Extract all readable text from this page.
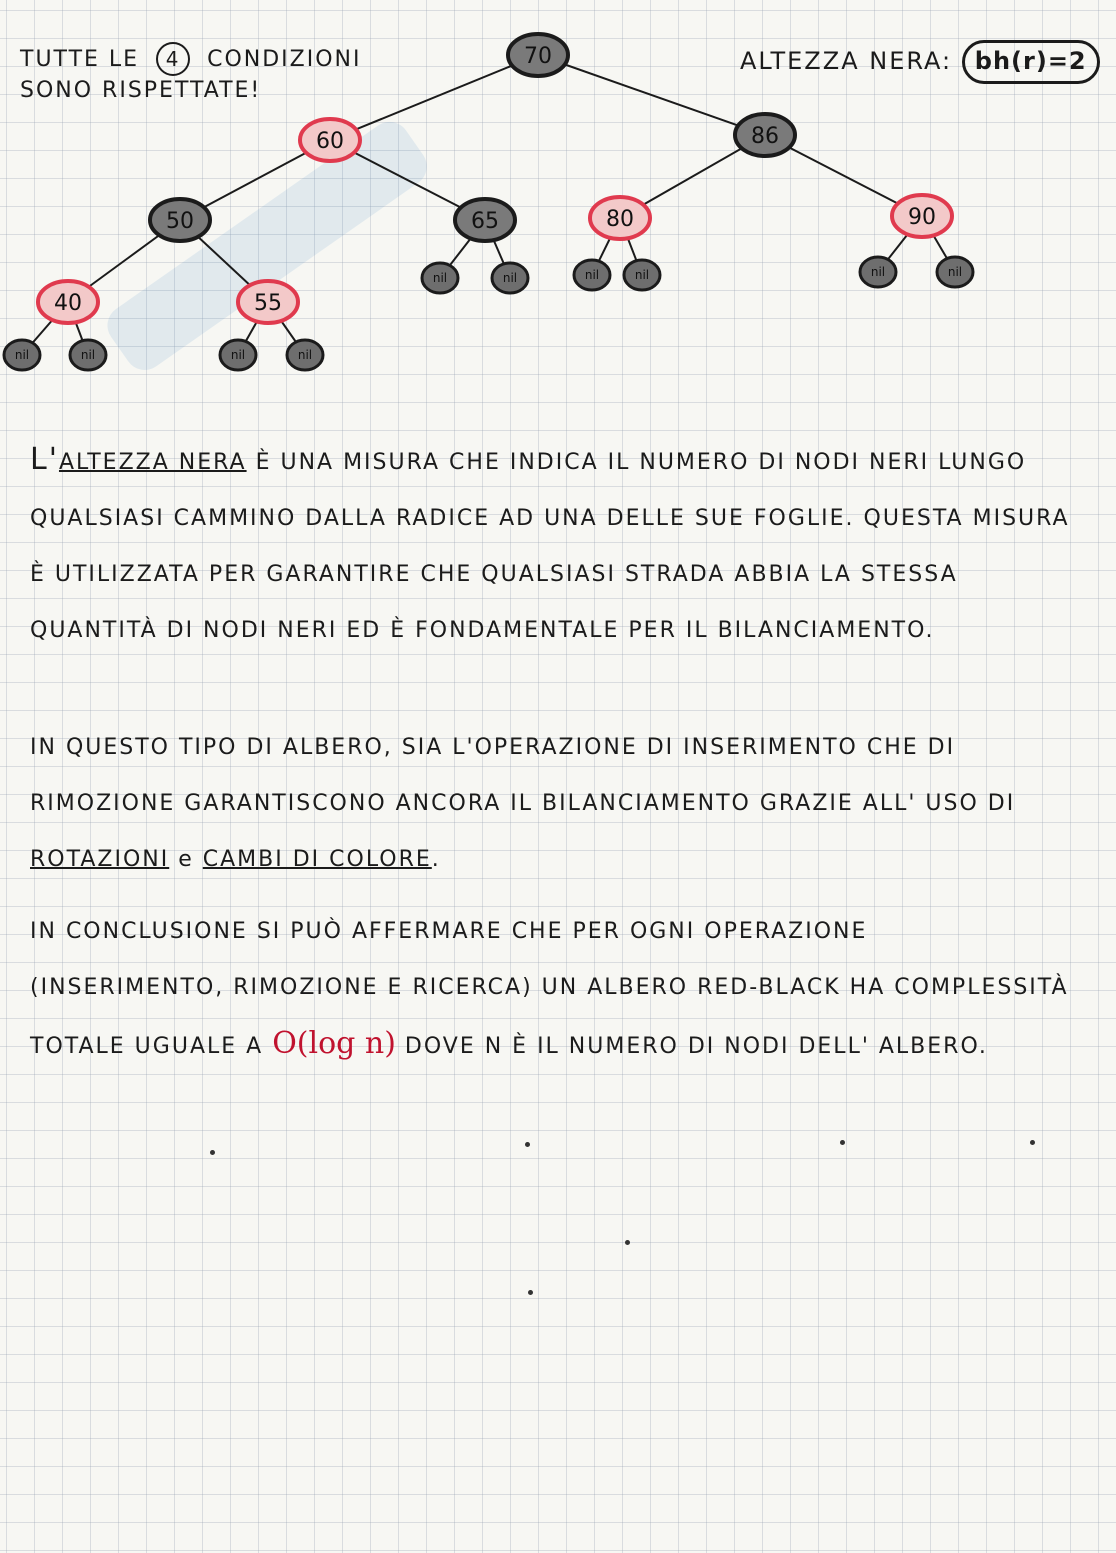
TUTTE LE 4 CONDIZIONI
SONO RISPETTATE!
ALTEZZA NERA: bh(r)=2
70
60	86
50	65	80	90
40	55
nil	nil	nil	nil	nil	nil
nil	nil	nil	nil
L'ALTEZZA NERA È UNA MISURA CHE INDICA IL NUMERO DI NODI NERI LUNGO QUALSIASI CAMMINO DALLA RADICE AD UNA DELLE SUE FOGLIE. QUESTA MISURA È UTILIZZATA PER GARANTIRE CHE QUALSIASI STRADA ABBIA LA STESSA QUANTITÀ DI NODI NERI ED È FONDAMENTALE PER IL BILANCIAMENTO.
IN QUESTO TIPO DI ALBERO, SIA L'OPERAZIONE DI INSERIMENTO CHE DI RIMOZIONE GARANTISCONO ANCORA IL BILANCIAMENTO GRAZIE ALL' USO DI ROTAZIONI e CAMBI DI COLORE.
IN CONCLUSIONE SI PUÒ AFFERMARE CHE PER OGNI OPERAZIONE (INSERIMENTO, RIMOZIONE E RICERCA) UN ALBERO RED-BLACK HA COMPLESSITÀ TOTALE UGUALE A O(log n) DOVE N È IL NUMERO DI NODI DELL' ALBERO.
